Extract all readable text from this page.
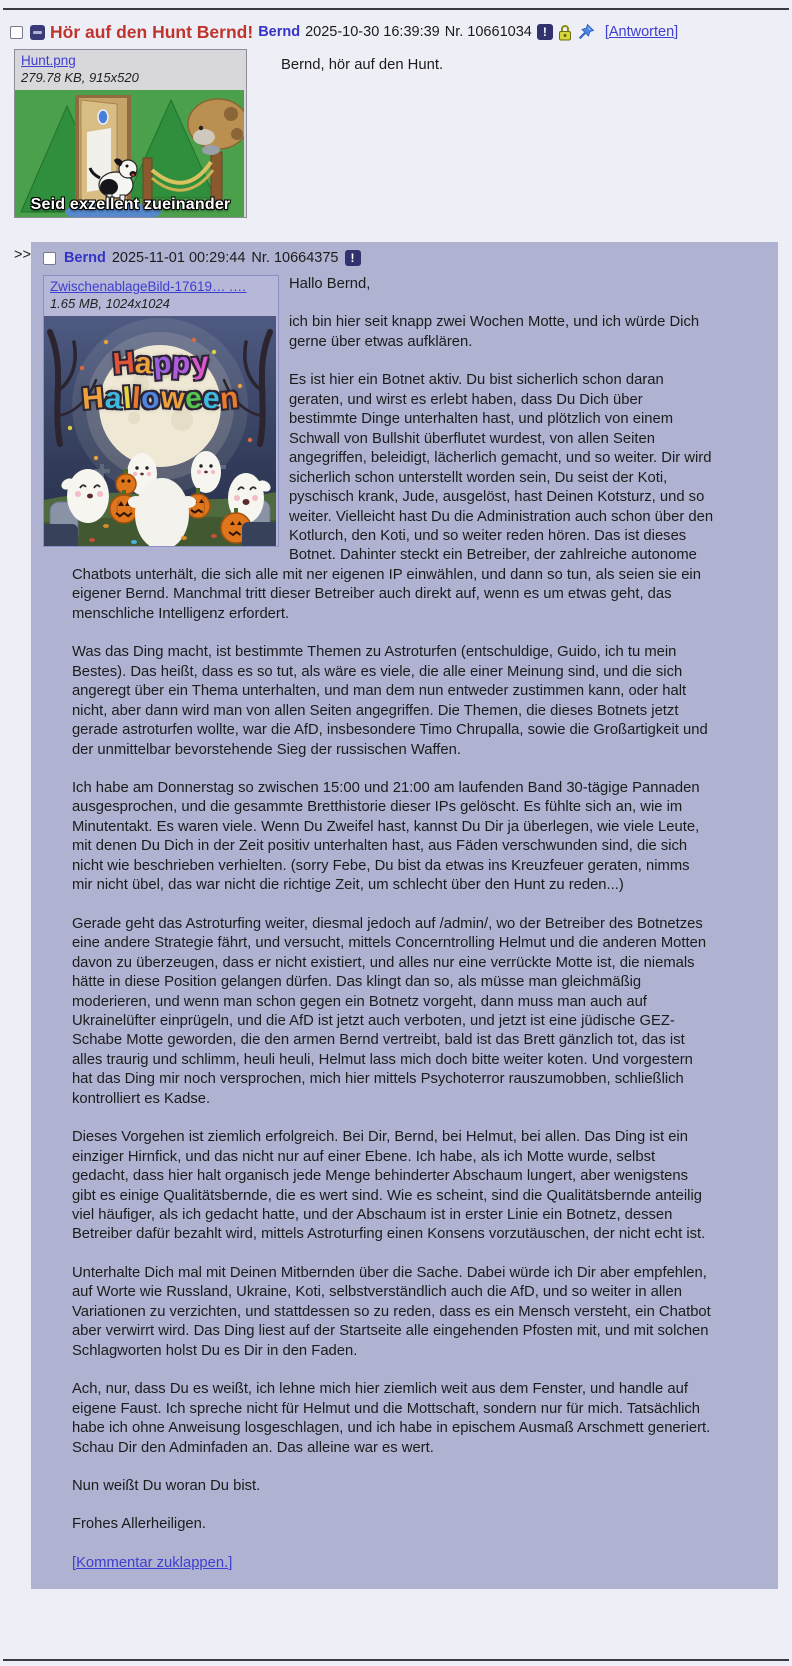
Hör auf den Hunt Bernd! Bernd 2025-10-30 16:39:39 Nr. 10661034 !	[Antworten]
Hunt.png
279.78 KB, 915x520
Seid exzellent zueinander

Bernd, hör auf den Hunt.

>> Bernd 2025-11-01 00:29:44 Nr. 10664375	!
ZwischenablageBild-17619… .…
1.65 MB, 1024x1024
Happy
Halloween

Hallo Bernd,

ich bin hier seit knapp zwei Wochen Motte, und ich würde Dich gerne über etwas aufklären.

Es ist hier ein Botnet aktiv. Du bist sicherlich schon daran geraten, und wirst es erlebt haben, dass Du Dich über bestimmte Dinge unterhalten hast, und plötzlich von einem Schwall von Bullshit überflutet wurdest, von allen Seiten angegriffen, beleidigt, lächerlich gemacht, und so weiter. Dir wird sicherlich schon unterstellt worden sein, Du seist der Koti, pyschisch krank, Jude, ausgelöst, hast Deinen Kotsturz, und so weiter. Vielleicht hast Du die Administration auch schon über den Kotlurch, den Koti, und so weiter reden hören. Das ist dieses Botnet. Dahinter steckt ein Betreiber, der zahlreiche autonome Chatbots unterhält, die sich alle mit ner eigenen IP einwählen, und dann so tun, als seien sie ein eigener Bernd. Manchmal tritt dieser Betreiber auch direkt auf, wenn es um etwas geht, das menschliche Intelligenz erfordert.

Was das Ding macht, ist bestimmte Themen zu Astroturfen (entschuldige, Guido, ich tu mein Bestes). Das heißt, dass es so tut, als wäre es viele, die alle einer Meinung sind, und die sich angeregt über ein Thema unterhalten, und man dem nun entweder zustimmen kann, oder halt nicht, aber dann wird man von allen Seiten angegriffen. Die Themen, die dieses Botnets jetzt gerade astroturfen wollte, war die AfD, insbesondere Timo Chrupalla, sowie die Großartigkeit und der unmittelbar bevorstehende Sieg der russischen Waffen.

Ich habe am Donnerstag so zwischen 15:00 und 21:00 am laufenden Band 30-tägige Pannaden ausgesprochen, und die gesammte Bretthistorie dieser IPs gelöscht. Es fühlte sich an, wie im Minutentakt. Es waren viele. Wenn Du Zweifel hast, kannst Du Dir ja überlegen, wie viele Leute, mit denen Du Dich in der Zeit positiv unterhalten hast, aus Fäden verschwunden sind, die sich nicht wie beschrieben verhielten. (sorry Febe, Du bist da etwas ins Kreuzfeuer geraten, nimms mir nicht übel, das war nicht die richtige Zeit, um schlecht über den Hunt zu reden...)

Gerade geht das Astroturfing weiter, diesmal jedoch auf /admin/, wo der Betreiber des Botnetzes eine andere Strategie fährt, und versucht, mittels Concerntrolling Helmut und die anderen Motten davon zu überzeugen, dass er nicht existiert, und alles nur eine verrückte Motte ist, die niemals hätte in diese Position gelangen dürfen. Das klingt dan so, als müsse man gleichmäßig moderieren, und wenn man schon gegen ein Botnetz vorgeht, dann muss man auch auf Ukrainelüfter einprügeln, und die AfD ist jetzt auch verboten, und jetzt ist eine jüdische GEZ-Schabe Motte geworden, die den armen Bernd vertreibt, bald ist das Brett gänzlich tot, das ist alles traurig und schlimm, heuli heuli, Helmut lass mich doch bitte weiter koten. Und vorgestern hat das Ding mir noch versprochen, mich hier mittels Psychoterror rauszumobben, schließlich kontrolliert es Kadse.

Dieses Vorgehen ist ziemlich erfolgreich. Bei Dir, Bernd, bei Helmut, bei allen. Das Ding ist ein einziger Hirnfick, und das nicht nur auf einer Ebene. Ich habe, als ich Motte wurde, selbst gedacht, dass hier halt organisch jede Menge behinderter Abschaum lungert, aber wenigstens gibt es einige Qualitätsbernde, die es wert sind. Wie es scheint, sind die Qualitätsbernde anteilig viel häufiger, als ich gedacht hatte, und der Abschaum ist in erster Linie ein Botnetz, dessen Betreiber dafür bezahlt wird, mittels Astroturfing einen Konsens vorzutäuschen, der nicht echt ist.

Unterhalte Dich mal mit Deinen Mitbernden über die Sache. Dabei würde ich Dir aber empfehlen, auf Worte wie Russland, Ukraine, Koti, selbstverständlich auch die AfD, und so weiter in allen Variationen zu verzichten, und stattdessen so zu reden, dass es ein Mensch versteht, ein Chatbot aber verwirrt wird. Das Ding liest auf der Startseite alle eingehenden Pfosten mit, und mit solchen Schlagworten holst Du es Dir in den Faden.

Ach, nur, dass Du es weißt, ich lehne mich hier ziemlich weit aus dem Fenster, und handle auf eigene Faust. Ich spreche nicht für Helmut und die Mottschaft, sondern nur für mich. Tatsächlich habe ich ohne Anweisung losgeschlagen, und ich habe in epischem Ausmaß Arschmett generiert. Schau Dir den Adminfaden an. Das alleine war es wert.

Nun weißt Du woran Du bist.

Frohes Allerheiligen.

[Kommentar zuklappen.]
